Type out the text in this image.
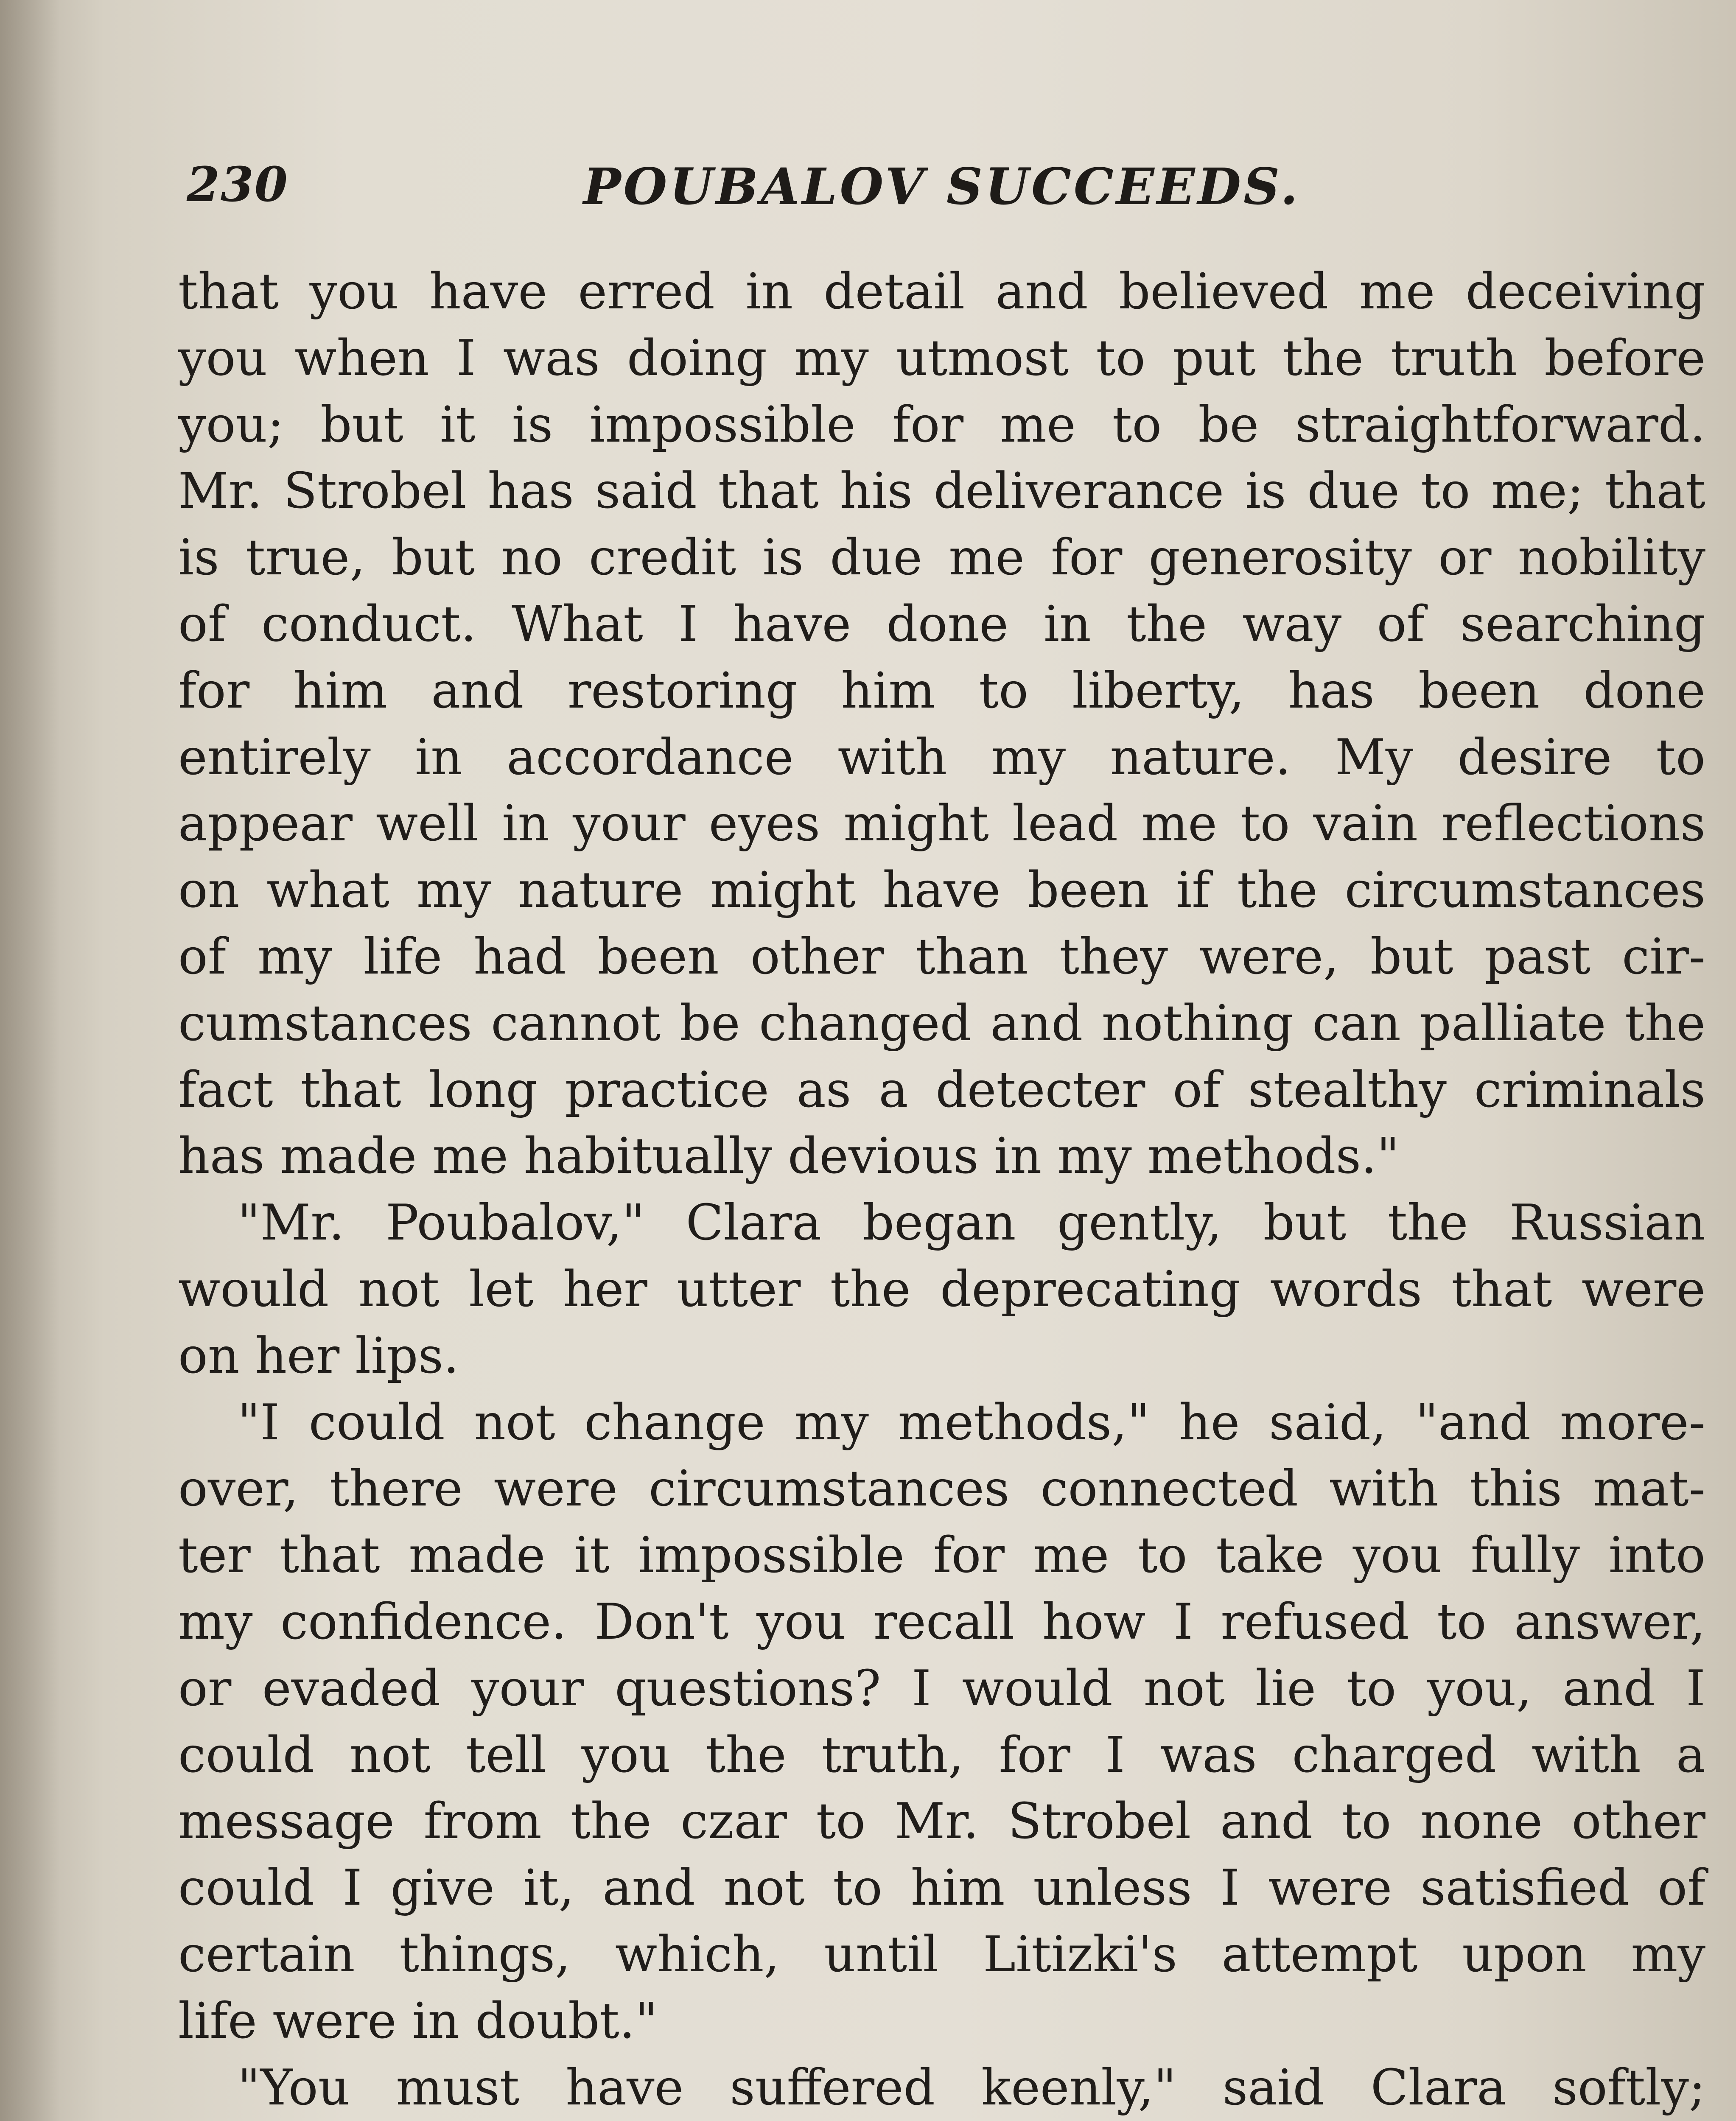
230	POUBALOV SUCCEEDS.
that you have erred in detail and believed me deceiving
you when I was doing my utmost to put the truth before
you; but it is impossible for me to be straightforward.
Mr. Strobel has said that his deliverance is due to me; that
is true, but no credit is due me for generosity or nobility
of conduct. What I have done in the way of searching
for him and restoring him to liberty, has been done
entirely in accordance with my nature. My desire to
appear well in your eyes might lead me to vain reflections
on what my nature might have been if the circumstances
of my life had been other than they were, but past cir-
cumstances cannot be changed and nothing can palliate the
fact that long practice as a detecter of stealthy criminals
has made me habitually devious in my methods."
"Mr. Poubalov," Clara began gently, but the Russian
would not let her utter the deprecating words that were
on her lips.
"I could not change my methods," he said, "and more-
over, there were circumstances connected with this mat-
ter that made it impossible for me to take you fully into
my confidence. Don't you recall how I refused to answer,
or evaded your questions? I would not lie to you, and I
could not tell you the truth, for I was charged with a
message from the czar to Mr. Strobel and to none other
could I give it, and not to him unless I were satisfied of
certain things, which, until Litizki's attempt upon my
life were in doubt."
"You must have suffered keenly," said Clara softly;
